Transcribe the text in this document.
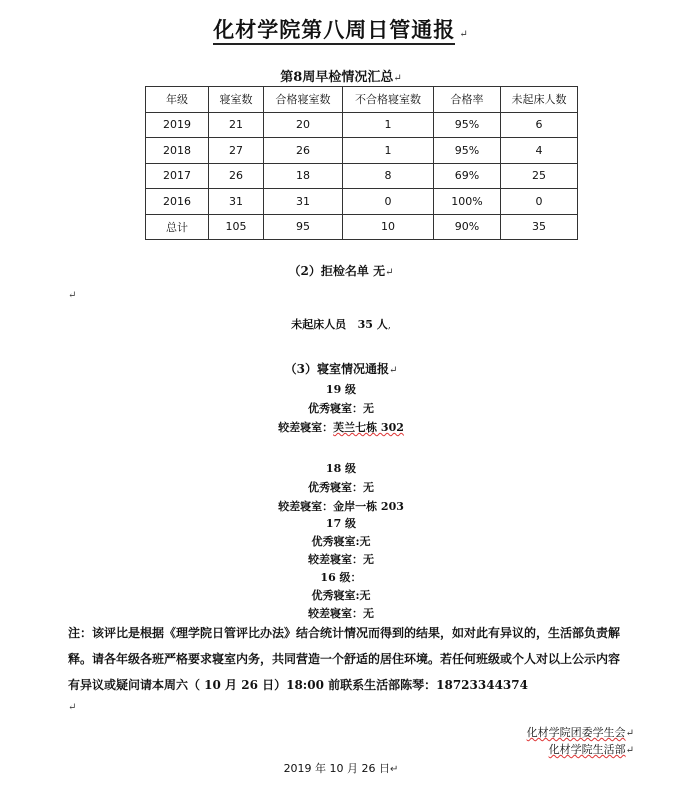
化材学院第八周日管通报 ↵
第8周早检情况汇总↵
年级	寝室数	合格寝室数	不合格寝室数	合格率	未起床人数
2019	21	20	1	95%	6
2018	27	26	1	95%	4
2017	26	18	8	69%	25
2016	31	31	0	100%	0
总计	105	95	10	90%	35
（2）拒检名单 无↵
↵
未起床人员 35 人,
（3）寝室情况通报↵
19 级
优秀寝室：无
较差寝室：芙兰七栋 302
18 级
优秀寝室：无
较差寝室：金岸一栋 203
17 级
优秀寝室:无
较差寝室：无
16 级：
优秀寝室:无
较差寝室：无
注：该评比是根据《理学院日管评比办法》结合统计情况而得到的结果，如对此有异议的，生活部负责解释。请各年级各班严格要求寝室内务，共同营造一个舒适的居住环境。若任何班级或个人对以上公示内容有异议或疑问请本周六（ 10 月 26 日）18:00 前联系生活部陈琴：18723344374
↵
化材学院团委学生会↵
化材学院生活部↵
2019 年 10 月 26 日↵
